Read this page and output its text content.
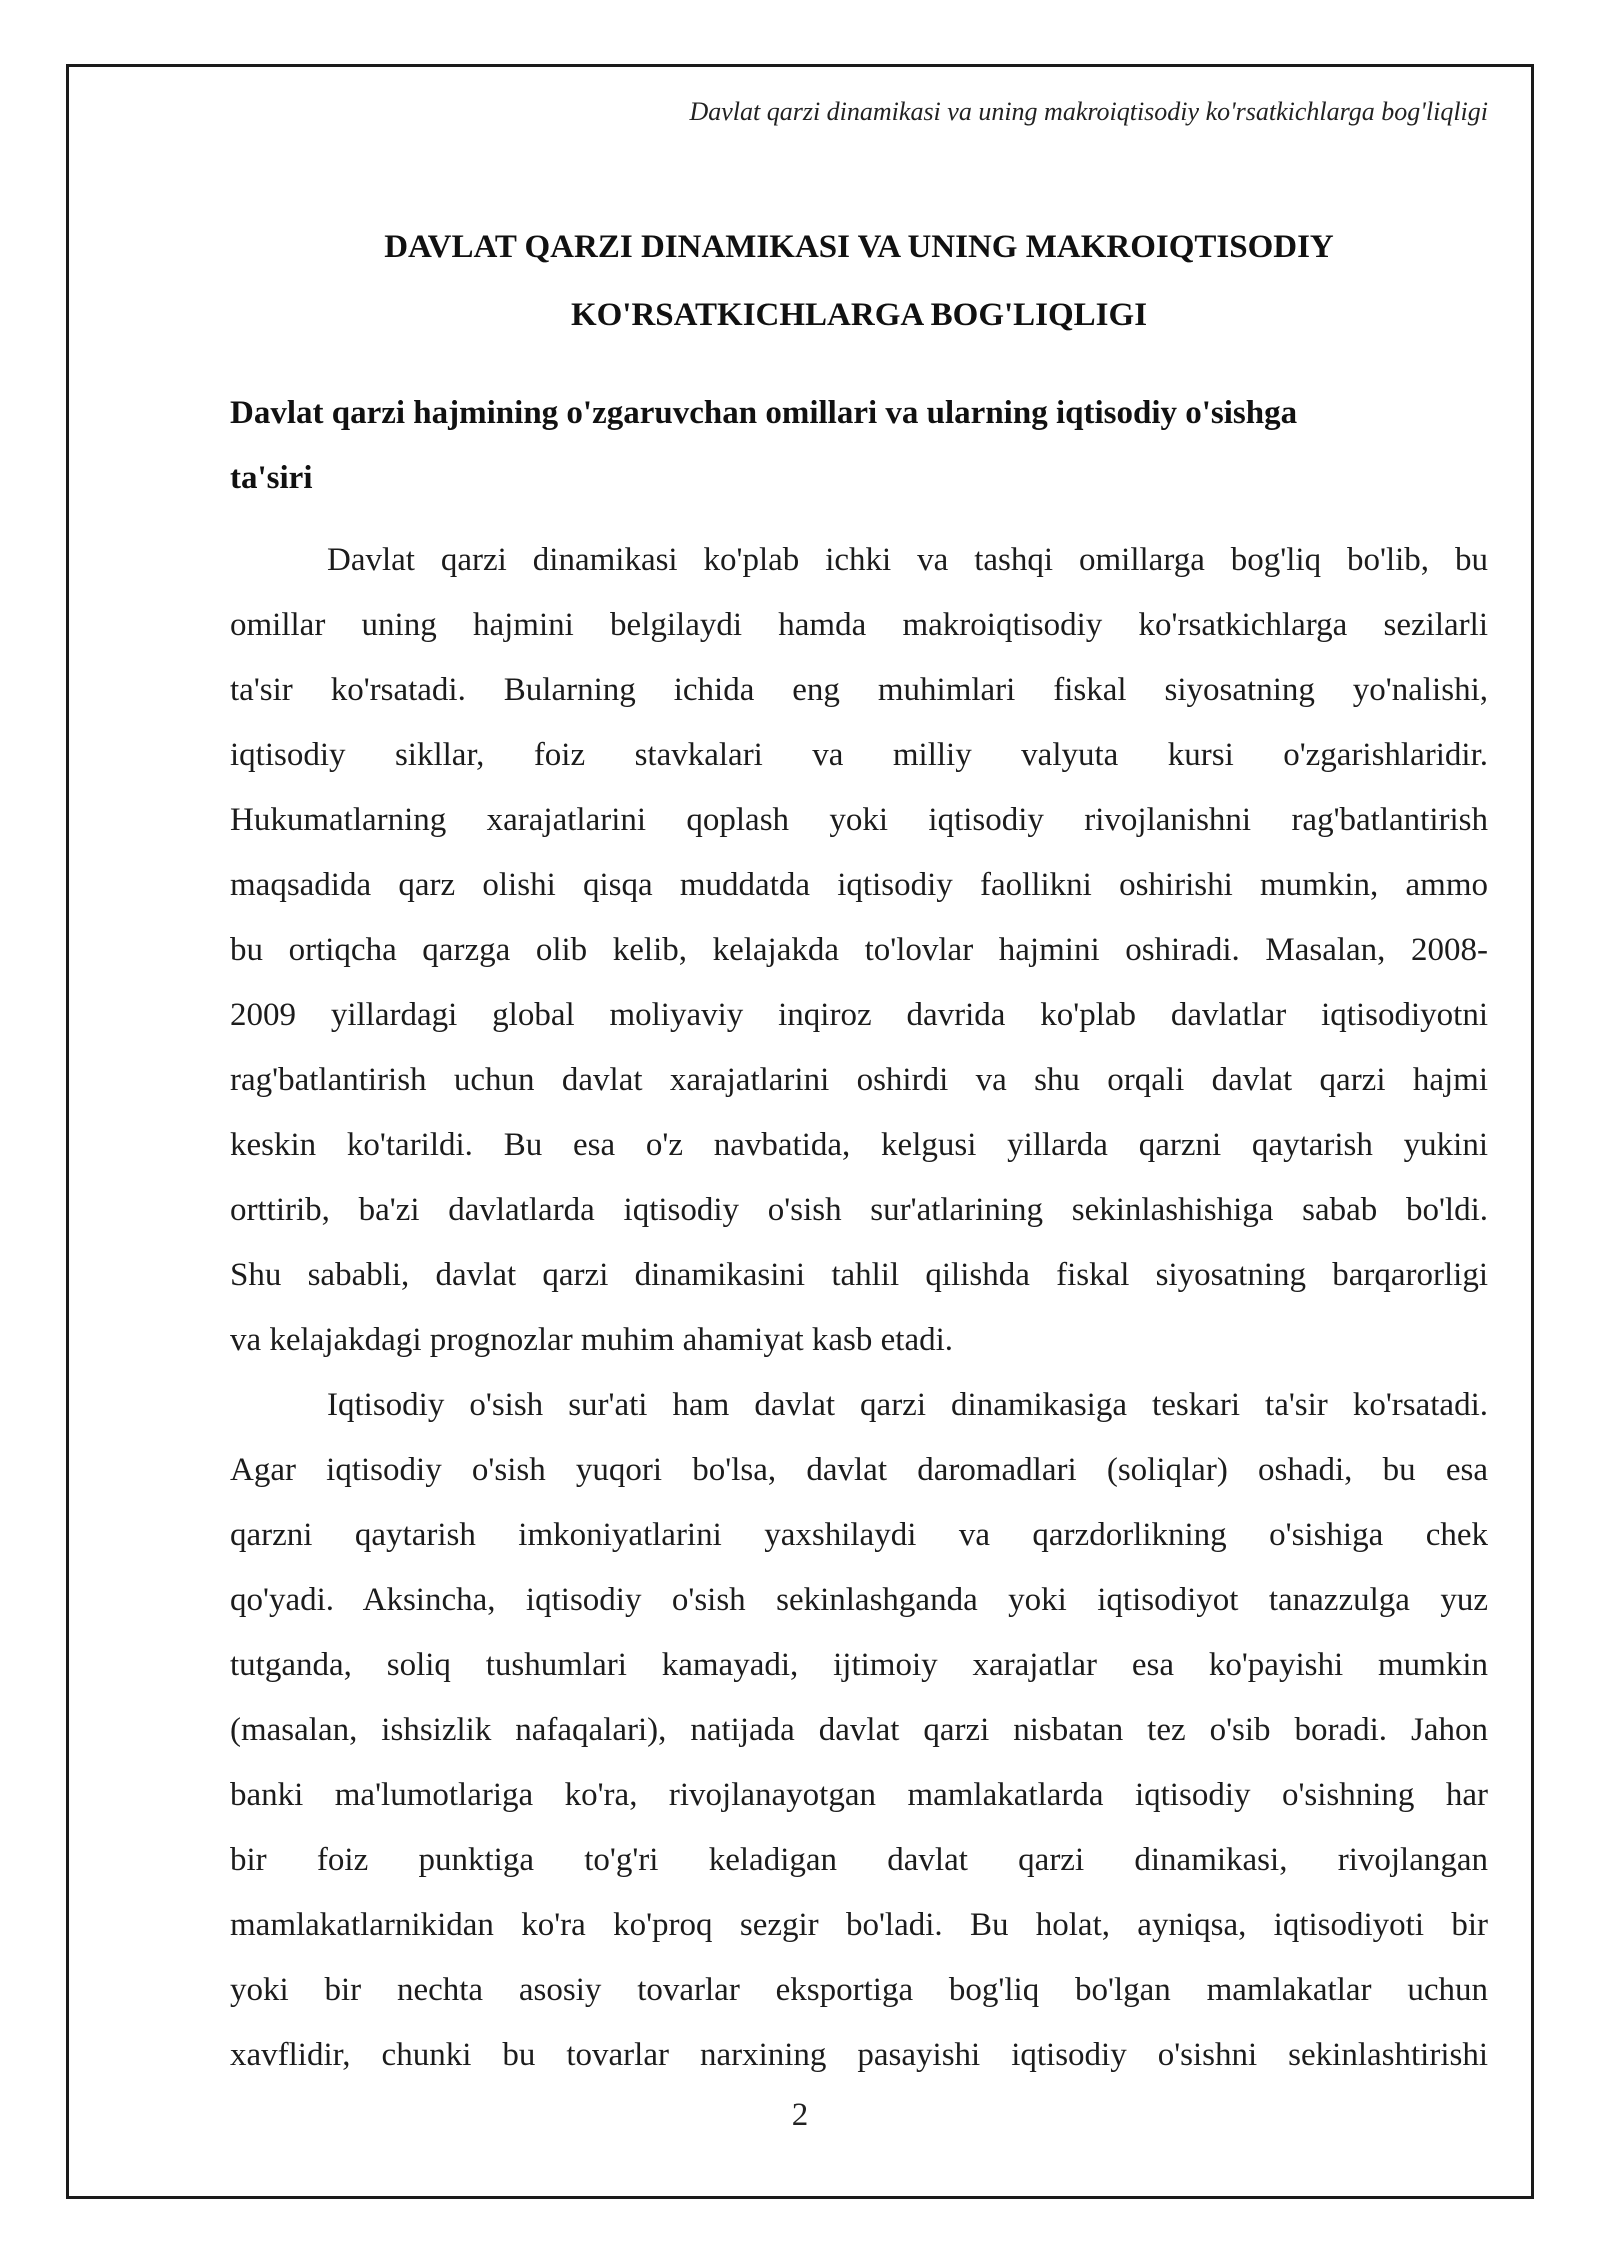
Davlat qarzi dinamikasi va uning makroiqtisodiy ko'rsatkichlarga bog'liqligi
DAVLAT QARZI DINAMIKASI VA UNING MAKROIQTISODIY
KO'RSATKICHLARGA BOG'LIQLIGI
Davlat qarzi hajmining o'zgaruvchan omillari va ularning iqtisodiy o'sishga
ta'siri
Davlat qarzi dinamikasi ko'plab ichki va tashqi omillarga bog'liq bo'lib, bu
omillar uning hajmini belgilaydi hamda makroiqtisodiy ko'rsatkichlarga sezilarli
ta'sir ko'rsatadi. Bularning ichida eng muhimlari fiskal siyosatning yo'nalishi,
iqtisodiy sikllar, foiz stavkalari va milliy valyuta kursi o'zgarishlaridir.
Hukumatlarning xarajatlarini qoplash yoki iqtisodiy rivojlanishni rag'batlantirish
maqsadida qarz olishi qisqa muddatda iqtisodiy faollikni oshirishi mumkin, ammo
bu ortiqcha qarzga olib kelib, kelajakda to'lovlar hajmini oshiradi. Masalan, 2008-
2009 yillardagi global moliyaviy inqiroz davrida ko'plab davlatlar iqtisodiyotni
rag'batlantirish uchun davlat xarajatlarini oshirdi va shu orqali davlat qarzi hajmi
keskin ko'tarildi. Bu esa o'z navbatida, kelgusi yillarda qarzni qaytarish yukini
orttirib, ba'zi davlatlarda iqtisodiy o'sish sur'atlarining sekinlashishiga sabab bo'ldi.
Shu sababli, davlat qarzi dinamikasini tahlil qilishda fiskal siyosatning barqarorligi
va kelajakdagi prognozlar muhim ahamiyat kasb etadi.
Iqtisodiy o'sish sur'ati ham davlat qarzi dinamikasiga teskari ta'sir ko'rsatadi.
Agar iqtisodiy o'sish yuqori bo'lsa, davlat daromadlari (soliqlar) oshadi, bu esa
qarzni qaytarish imkoniyatlarini yaxshilaydi va qarzdorlikning o'sishiga chek
qo'yadi. Aksincha, iqtisodiy o'sish sekinlashganda yoki iqtisodiyot tanazzulga yuz
tutganda, soliq tushumlari kamayadi, ijtimoiy xarajatlar esa ko'payishi mumkin
(masalan, ishsizlik nafaqalari), natijada davlat qarzi nisbatan tez o'sib boradi. Jahon
banki ma'lumotlariga ko'ra, rivojlanayotgan mamlakatlarda iqtisodiy o'sishning har
bir foiz punktiga to'g'ri keladigan davlat qarzi dinamikasi, rivojlangan
mamlakatlarnikidan ko'ra ko'proq sezgir bo'ladi. Bu holat, ayniqsa, iqtisodiyoti bir
yoki bir nechta asosiy tovarlar eksportiga bog'liq bo'lgan mamlakatlar uchun
xavflidir, chunki bu tovarlar narxining pasayishi iqtisodiy o'sishni sekinlashtirishi
2
